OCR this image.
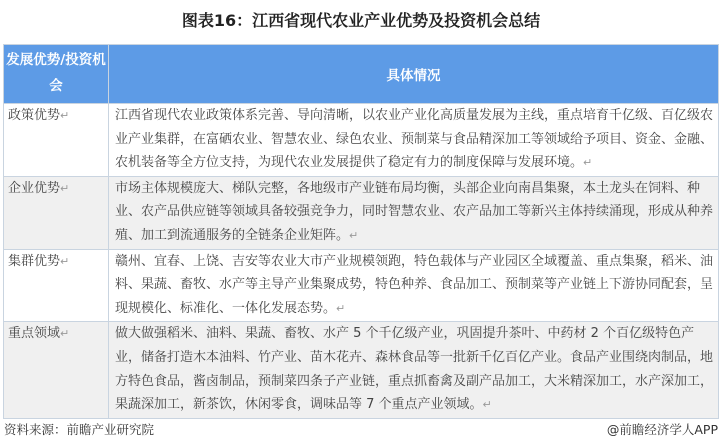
图表16：江西省现代农业产业优势及投资机会总结
发展优势/投资机会	具体情况
政策优势↵	江西省现代农业政策体系完善、导向清晰，以农业产业化高质量发展为主线，重点培育千亿级、百亿级农业产业集群，在富硒农业、智慧农业、绿色农业、预制菜与食品精深加工等领域给予项目、资金、金融、农机装备等全方位支持，为现代农业发展提供了稳定有力的制度保障与发展环境。↵
企业优势↵	市场主体规模庞大、梯队完整，各地级市产业链布局均衡，头部企业向南昌集聚，本土龙头在饲料、种业、农产品供应链等领域具备较强竞争力，同时智慧农业、农产品加工等新兴主体持续涌现，形成从种养殖、加工到流通服务的全链条企业矩阵。↵
集群优势↵	赣州、宜春、上饶、吉安等农业大市产业规模领跑，特色载体与产业园区全域覆盖、重点集聚，稻米、油料、果蔬、畜牧、水产等主导产业集聚成势，特色种养、食品加工、预制菜等产业链上下游协同配套，呈现规模化、标准化、一体化发展态势。↵
重点领域↵	做大做强稻米、油料、果蔬、畜牧、水产 5 个千亿级产业，巩固提升茶叶、中药材 2 个百亿级特色产业，储备打造木本油料、竹产业、苗木花卉、森林食品等一批新千亿百亿产业。食品产业围绕肉制品，地方特色食品，酱卤制品，预制菜四条子产业链，重点抓畜禽及副产品加工，大米精深加工，水产深加工，果蔬深加工，新茶饮，休闲零食，调味品等 7 个重点产业领域。↵
资料来源：前瞻产业研究院	@前瞻经济学人APP
